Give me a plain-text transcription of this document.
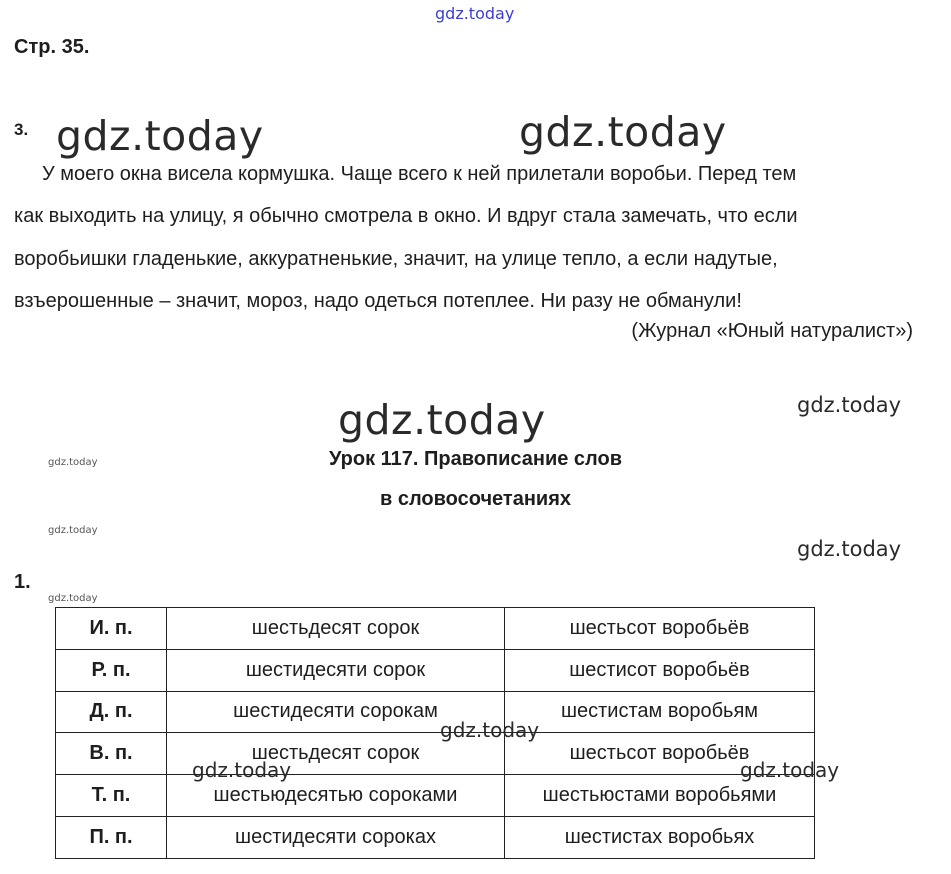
gdz.today
gdz.today	gdz.today
gdz.today	gdz.today
gdz.today
gdz.today
gdz.today
gdz.today
Стр. 35.
3.
У моего окна висела кормушка. Чаще всего к ней прилетали воробьи. Перед тем
как выходить на улицу, я обычно смотрела в окно. И вдруг стала замечать, что если
воробьишки гладенькие, аккуратненькие, значит, на улице тепло, а если надутые,
взъерошенные – значит, мороз, надо одеться потеплее. Ни разу не обманули!
(Журнал «Юный натуралист»)
Урок 117. Правописание слов
в словосочетаниях
1.
И. п.	шестьдесят сорок	шестьсот воробьёв
Р. п.	шестидесяти сорок	шестисот воробьёв
Д. п.	шестидесяти сорокам	шестистам воробьям
В. п.	шестьдесят сорок	шестьсот воробьёв
Т. п.	шестьюдесятью сороками	шестьюстами воробьями
П. п.	шестидесяти сороках	шестистах воробьях
gdz.today
gdz.today	gdz.today
